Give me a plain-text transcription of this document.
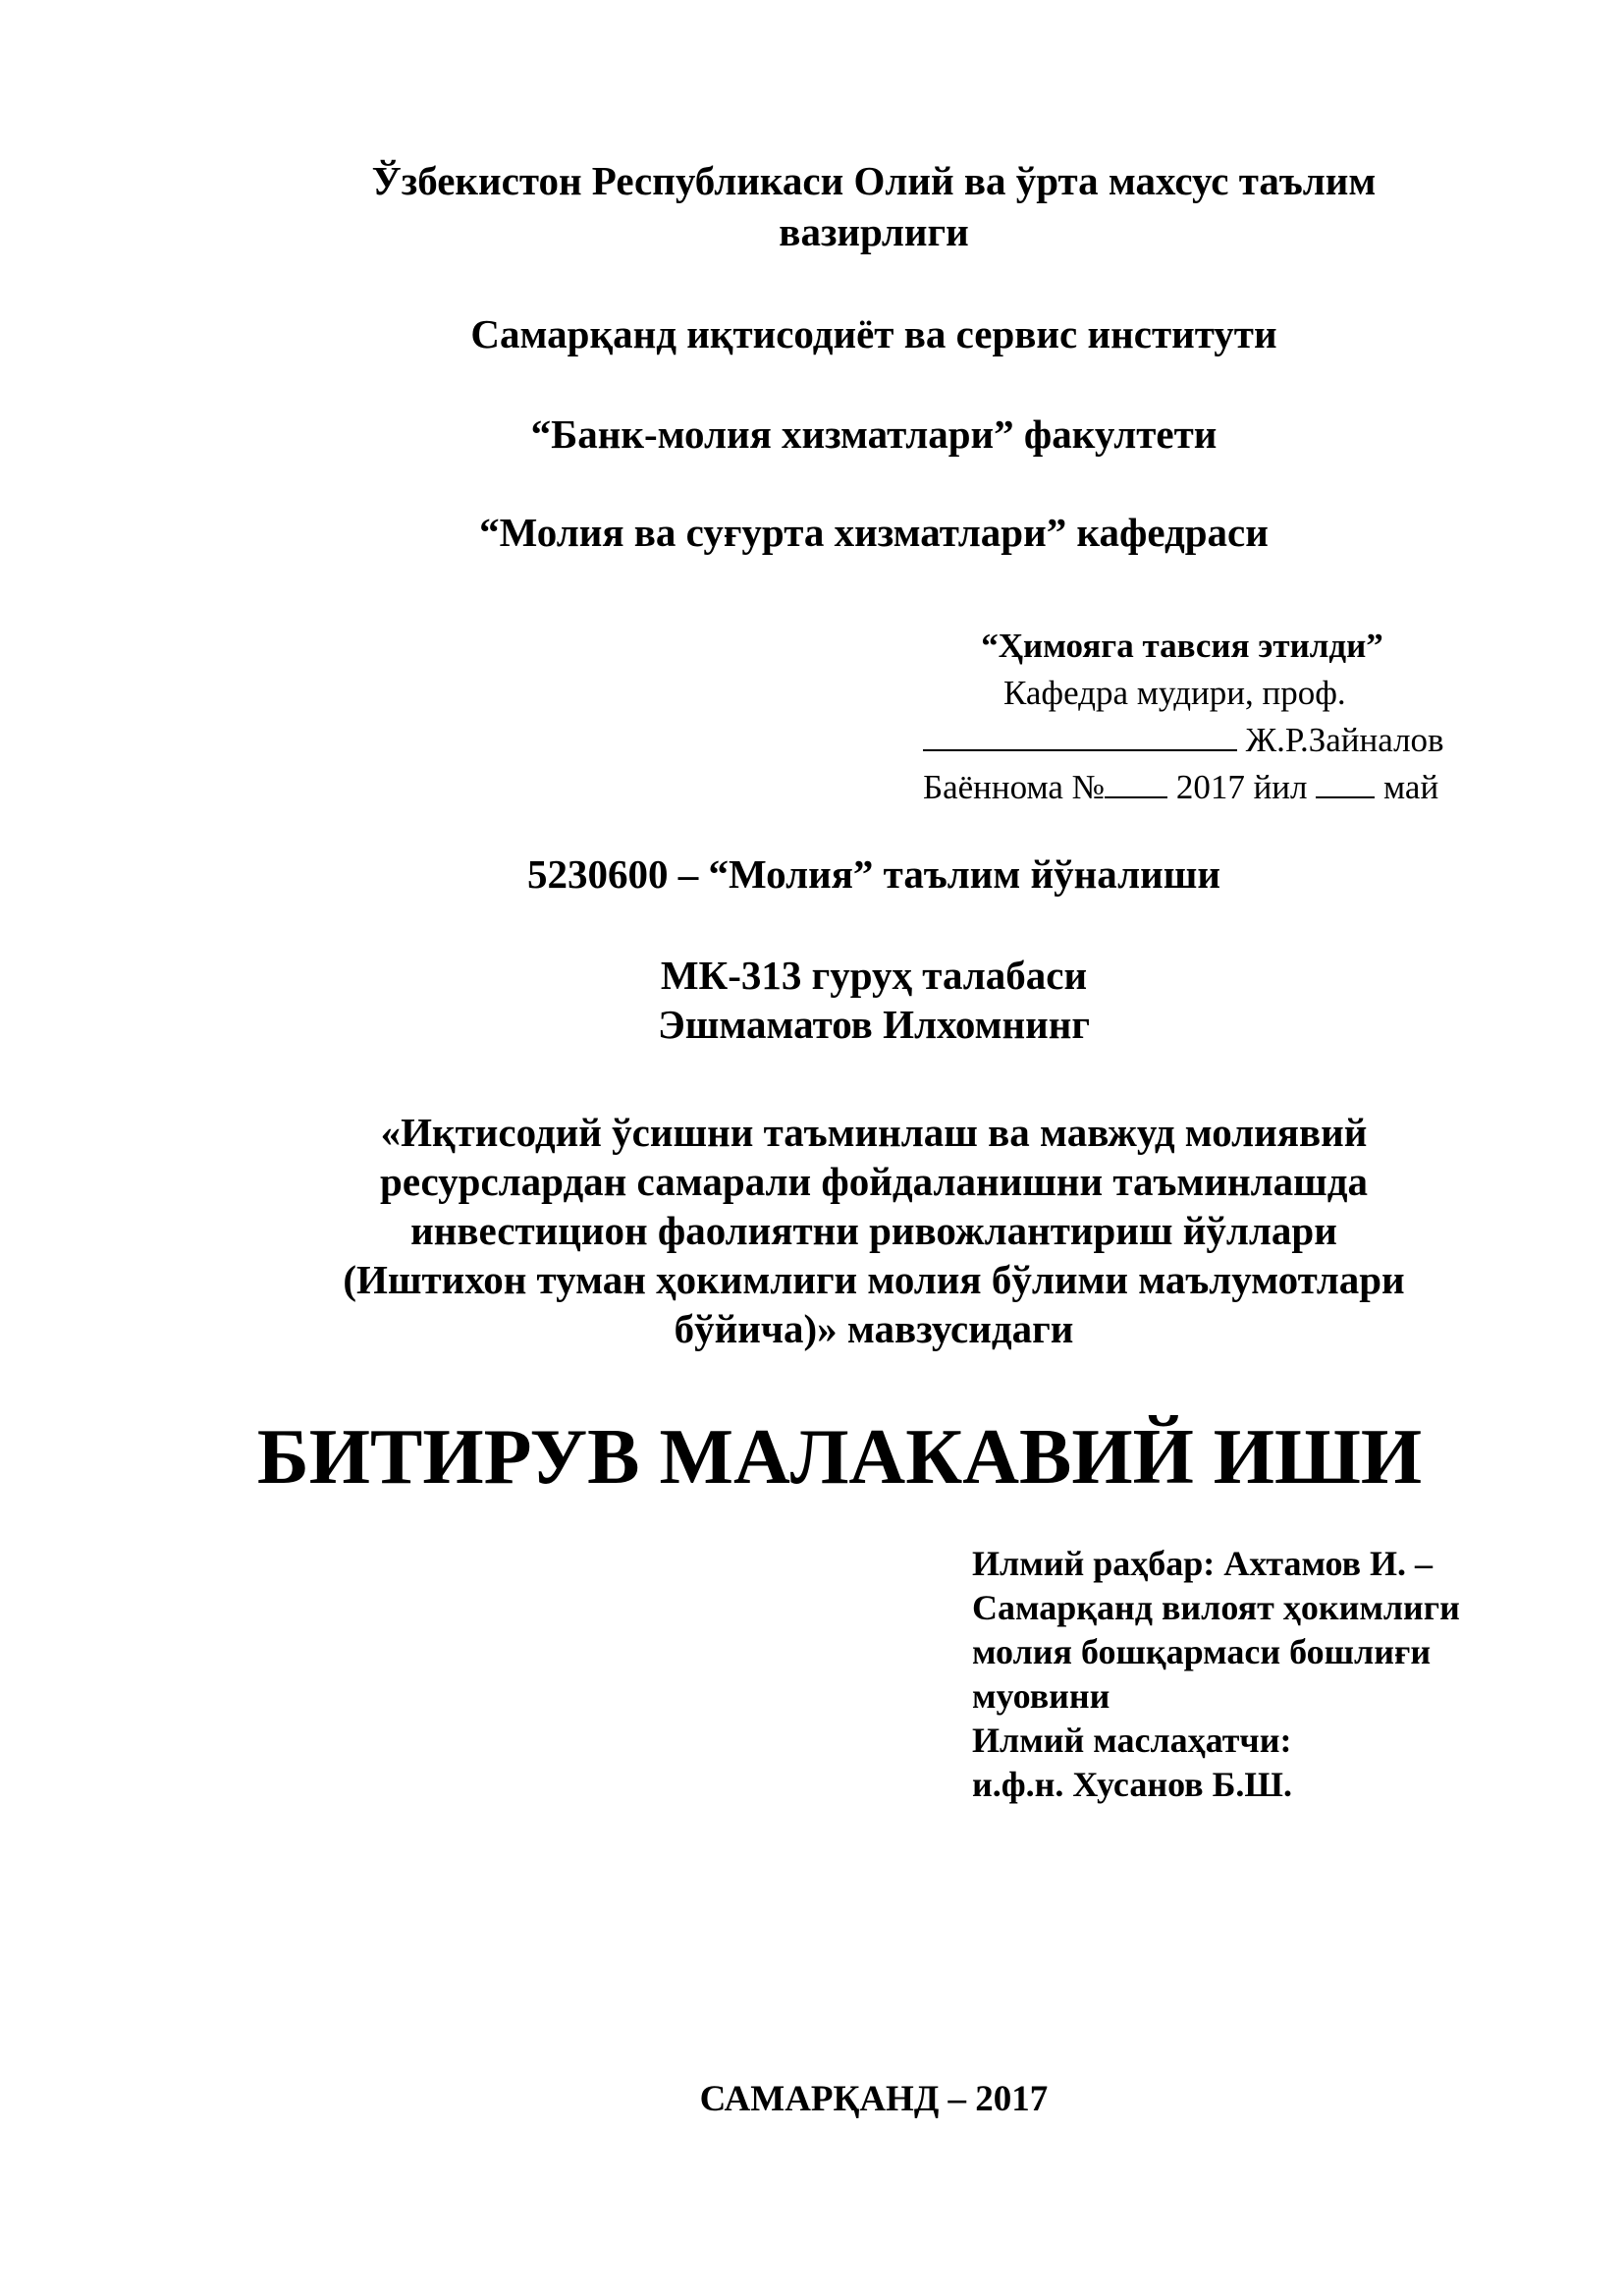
Ўзбекистон Республикаси Олий ва ўрта махсус таълим
вазирлиги
Самарқанд иқтисодиёт ва сервис институти
“Банк-молия хизматлари” факултети
“Молия ва суғурта хизматлари” кафедраси
“Ҳимояга тавсия этилди”
Кафедра мудири, проф.
Ж.Р.Зайналов
Баённома № 2017 йил май
5230600 – “Молия” таълим йўналиши
МК-313 гуруҳ талабаси
Эшмаматов Илхомнинг
«Иқтисодий ўсишни таъминлаш ва мавжуд молиявий
ресурслардан самарали фойдаланишни таъминлашда
инвестицион фаолиятни ривожлантириш йўллари
(Иштихон туман ҳокимлиги молия бўлими маълумотлари
бўйича)» мавзусидаги
БИТИРУВ МАЛАКАВИЙ ИШИ
Илмий раҳбар: Ахтамов И. –
Самарқанд вилоят ҳокимлиги
молия бошқармаси бошлиғи
муовини
Илмий маслаҳатчи:
и.ф.н. Хусанов Б.Ш.
САМАРҚАНД – 2017
